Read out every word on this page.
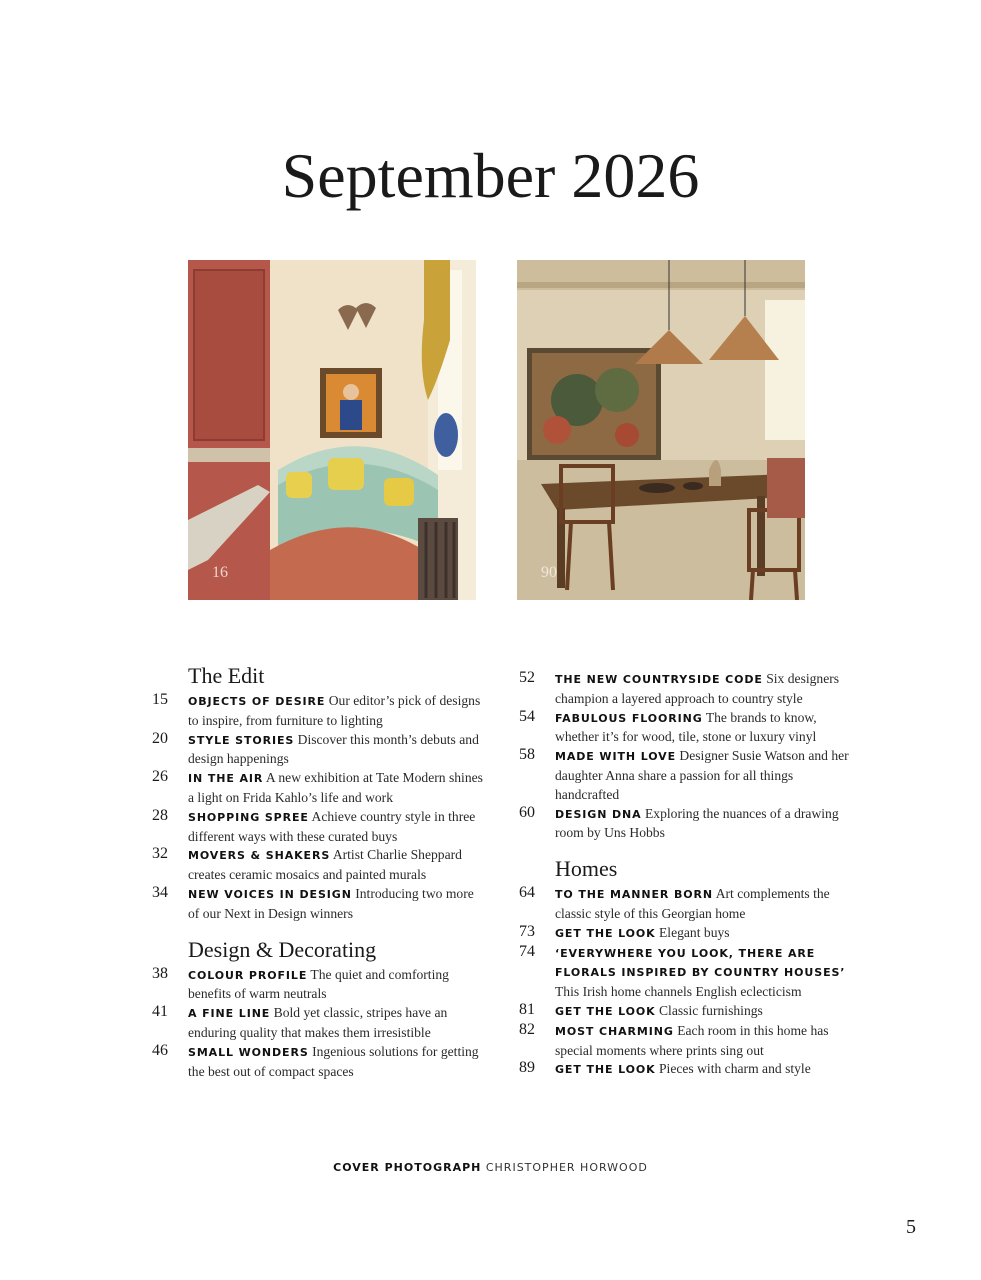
September 2026
16	90
The Edit
15 OBJECTS OF DESIRE Our editor’s pick of designs to inspire, from furniture to lighting
20 STYLE STORIES Discover this month’s debuts and design happenings
26 IN THE AIR A new exhibition at Tate Modern shines a light on Frida Kahlo’s life and work
28 SHOPPING SPREE Achieve country style in three different ways with these curated buys
32 MOVERS & SHAKERS Artist Charlie Sheppard creates ceramic mosaics and painted murals
34 NEW VOICES IN DESIGN Introducing two more of our Next in Design winners
Design & Decorating
38 COLOUR PROFILE The quiet and comforting benefits of warm neutrals
41 A FINE LINE Bold yet classic, stripes have an enduring quality that makes them irresistible
46 SMALL WONDERS Ingenious solutions for getting the best out of compact spaces
52 THE NEW COUNTRYSIDE CODE Six designers champion a layered approach to country style
54 FABULOUS FLOORING The brands to know, whether it’s for wood, tile, stone or luxury vinyl
58 MADE WITH LOVE Designer Susie Watson and her daughter Anna share a passion for all things handcrafted
60 DESIGN DNA Exploring the nuances of a drawing room by Uns Hobbs
Homes
64 TO THE MANNER BORN Art complements the classic style of this Georgian home
73 GET THE LOOK Elegant buys
74 ‘EVERYWHERE YOU LOOK, THERE ARE FLORALS INSPIRED BY COUNTRY HOUSES’ This Irish home channels English eclecticism
81 GET THE LOOK Classic furnishings
82 MOST CHARMING Each room in this home has special moments where prints sing out
89 GET THE LOOK Pieces with charm and style
COVER PHOTOGRAPH CHRISTOPHER HORWOOD
5
